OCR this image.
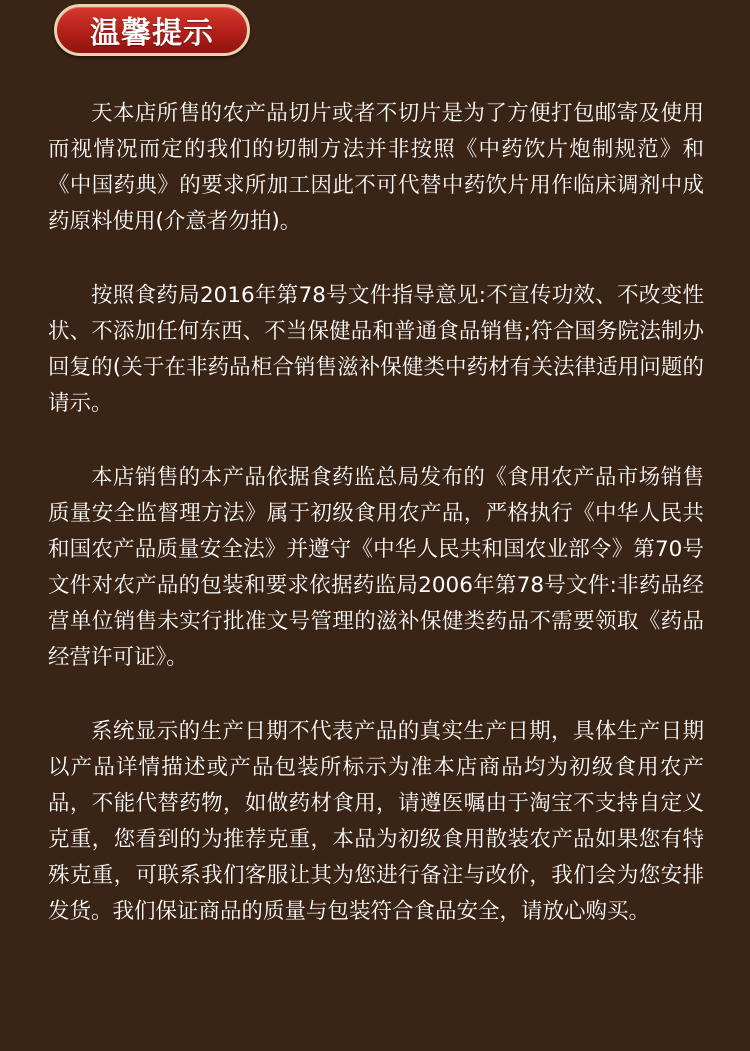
温馨提示

天本店所售的农产品切片或者不切片是为了方便打包邮寄及使用而视情况而定的我们的切制方法并非按照《中药饮片炮制规范》和《中国药典》的要求所加工因此不可代替中药饮片用作临床调剂中成药原料使用(介意者勿拍)。

按照食药局2016年第78号文件指导意见:不宣传功效、不改变性状、不添加任何东西、不当保健品和普通食品销售;符合国务院法制办回复的(关于在非药品柜合销售滋补保健类中药材有关法律适用问题的请示。

本店销售的本产品依据食药监总局发布的《食用农产品市场销售质量安全监督理方法》属于初级食用农产品，严格执行《中华人民共和国农产品质量安全法》并遵守《中华人民共和国农业部令》第70号文件对农产品的包装和要求依据药监局2006年第78号文件:非药品经营单位销售未实行批准文号管理的滋补保健类药品不需要领取《药品经营许可证》。

系统显示的生产日期不代表产品的真实生产日期，具体生产日期以产品详情描述或产品包装所标示为准本店商品均为初级食用农产品，不能代替药物，如做药材食用，请遵医嘱由于淘宝不支持自定义克重，您看到的为推荐克重，本品为初级食用散装农产品如果您有特殊克重，可联系我们客服让其为您进行备注与改价，我们会为您安排发货。我们保证商品的质量与包装符合食品安全，请放心购买。
